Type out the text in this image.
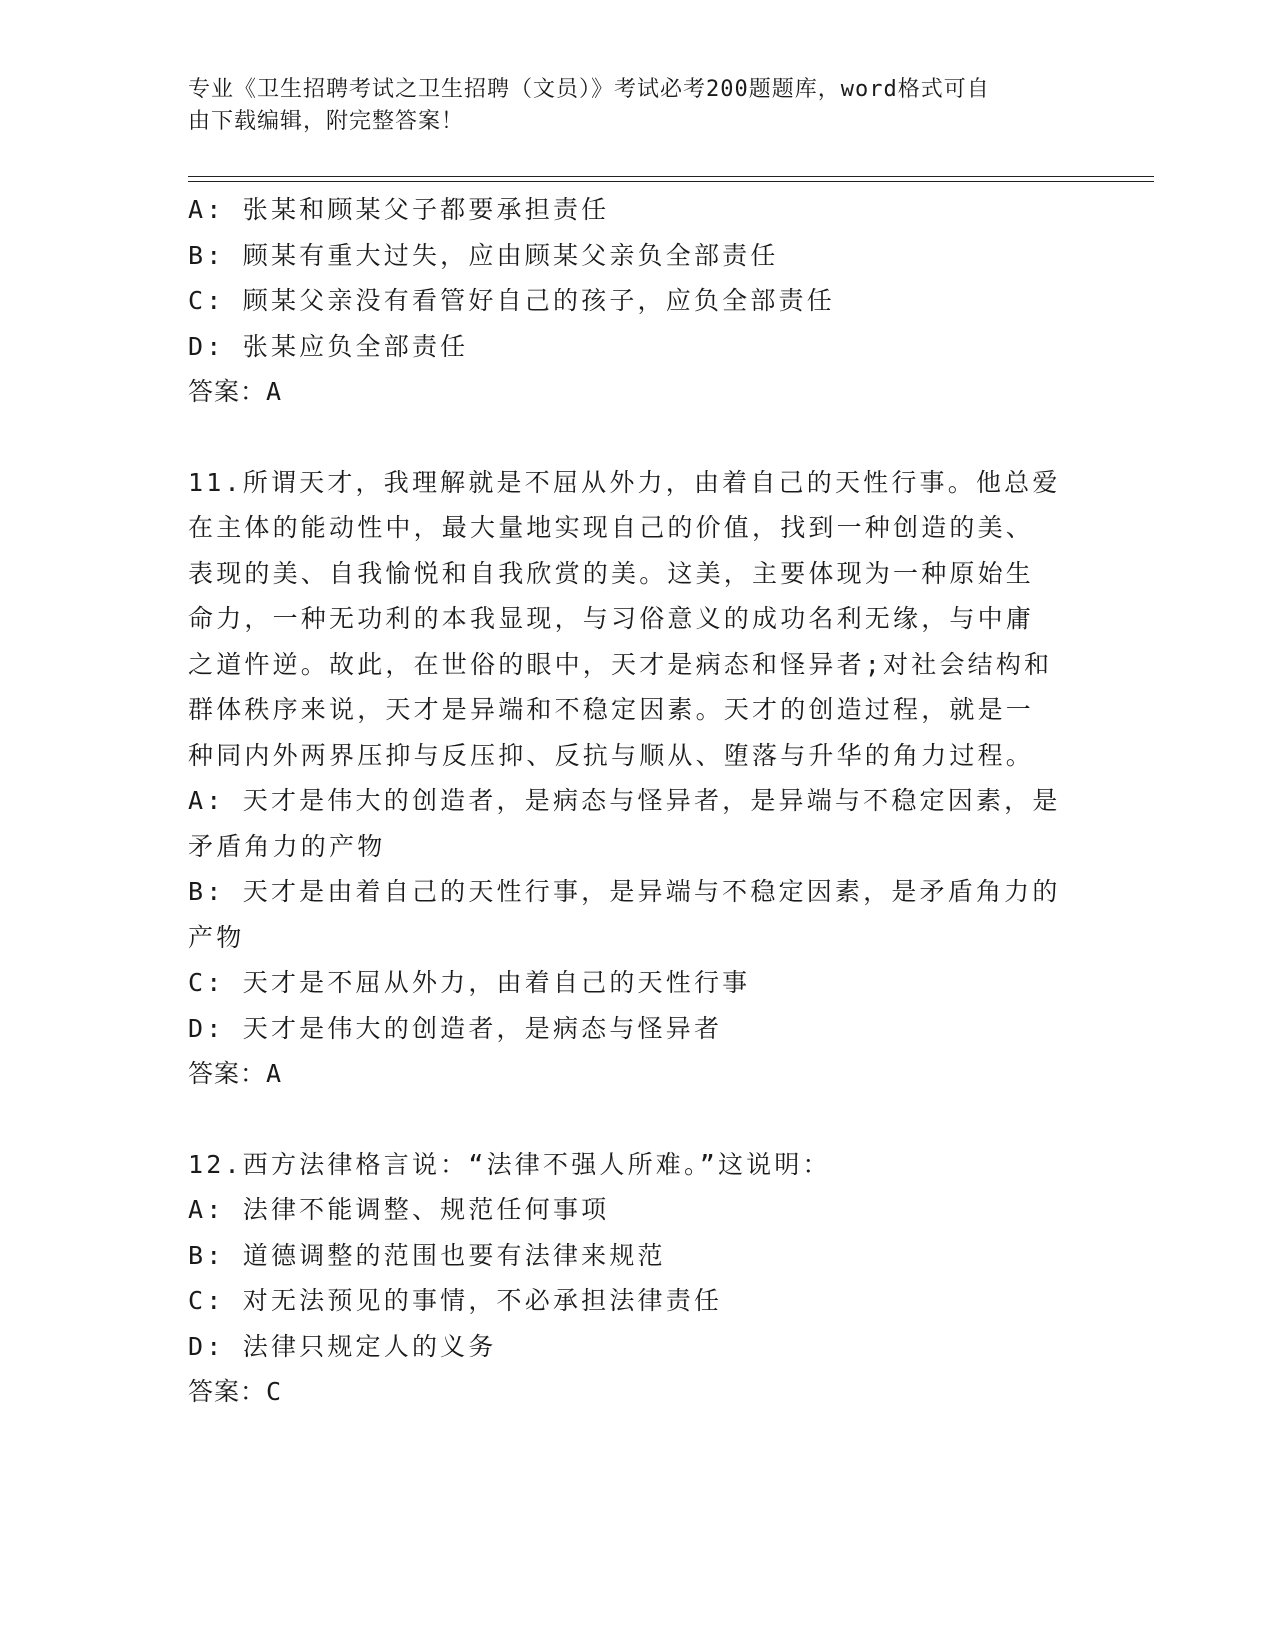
专业《卫生招聘考试之卫生招聘（文员）》考试必考200题题库，word格式可自
由下载编辑，附完整答案！
A: 张某和顾某父子都要承担责任
B: 顾某有重大过失，应由顾某父亲负全部责任
C: 顾某父亲没有看管好自己的孩子，应负全部责任
D: 张某应负全部责任
答案：A
11.所谓天才，我理解就是不屈从外力，由着自己的天性行事。他总爱
在主体的能动性中，最大量地实现自己的价值，找到一种创造的美、
表现的美、自我愉悦和自我欣赏的美。这美，主要体现为一种原始生
命力，一种无功利的本我显现，与习俗意义的成功名利无缘，与中庸
之道忤逆。故此，在世俗的眼中，天才是病态和怪异者;对社会结构和
群体秩序来说，天才是异端和不稳定因素。天才的创造过程，就是一
种同内外两界压抑与反压抑、反抗与顺从、堕落与升华的角力过程。
A: 天才是伟大的创造者，是病态与怪异者，是异端与不稳定因素，是
矛盾角力的产物
B: 天才是由着自己的天性行事，是异端与不稳定因素，是矛盾角力的
产物
C: 天才是不屈从外力，由着自己的天性行事
D: 天才是伟大的创造者，是病态与怪异者
答案：A
12.西方法律格言说：“法律不强人所难。”这说明：
A: 法律不能调整、规范任何事项
B: 道德调整的范围也要有法律来规范
C: 对无法预见的事情，不必承担法律责任
D: 法律只规定人的义务
答案：C
